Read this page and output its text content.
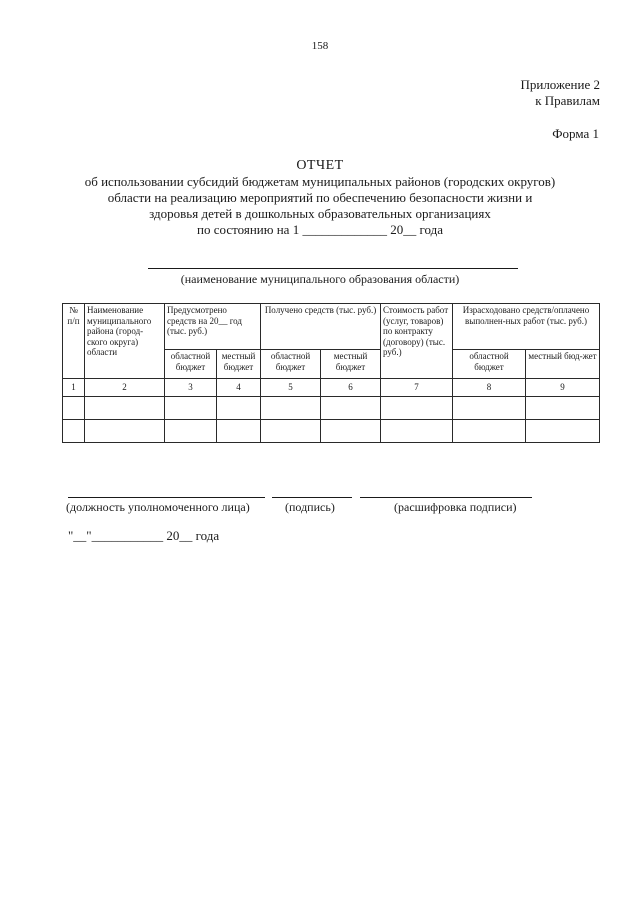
158
Приложение 2
к Правилам
Форма 1
ОТЧЕТ
об использовании субсидий бюджетам муниципальных районов (городских округов)
области на реализацию мероприятий по обеспечению безопасности жизни и
здоровья детей в дошкольных образовательных организациях
по состоянию на 1 _____________ 20__ года
(наименование муниципального образования области)
№ п/п	Наименование муниципального района (город-ского округа) области	Предусмотрено средств на 20__ год (тыс. руб.)		Получено средств (тыс. руб.)		Стоимость работ (услуг, товаров) по контракту (договору) (тыс. руб.)	Израсходовано средств/оплачено выполнен-ных работ (тыс. руб.)	
		областной бюджет	местный бюджет	областной бюджет	местный бюджет		областной бюджет	местный бюд-жет
1	2	3	4	5	6	7	8	9

(должность уполномоченного лица)	(подпись)	(расшифровка подписи)
"__"___________ 20__ года
